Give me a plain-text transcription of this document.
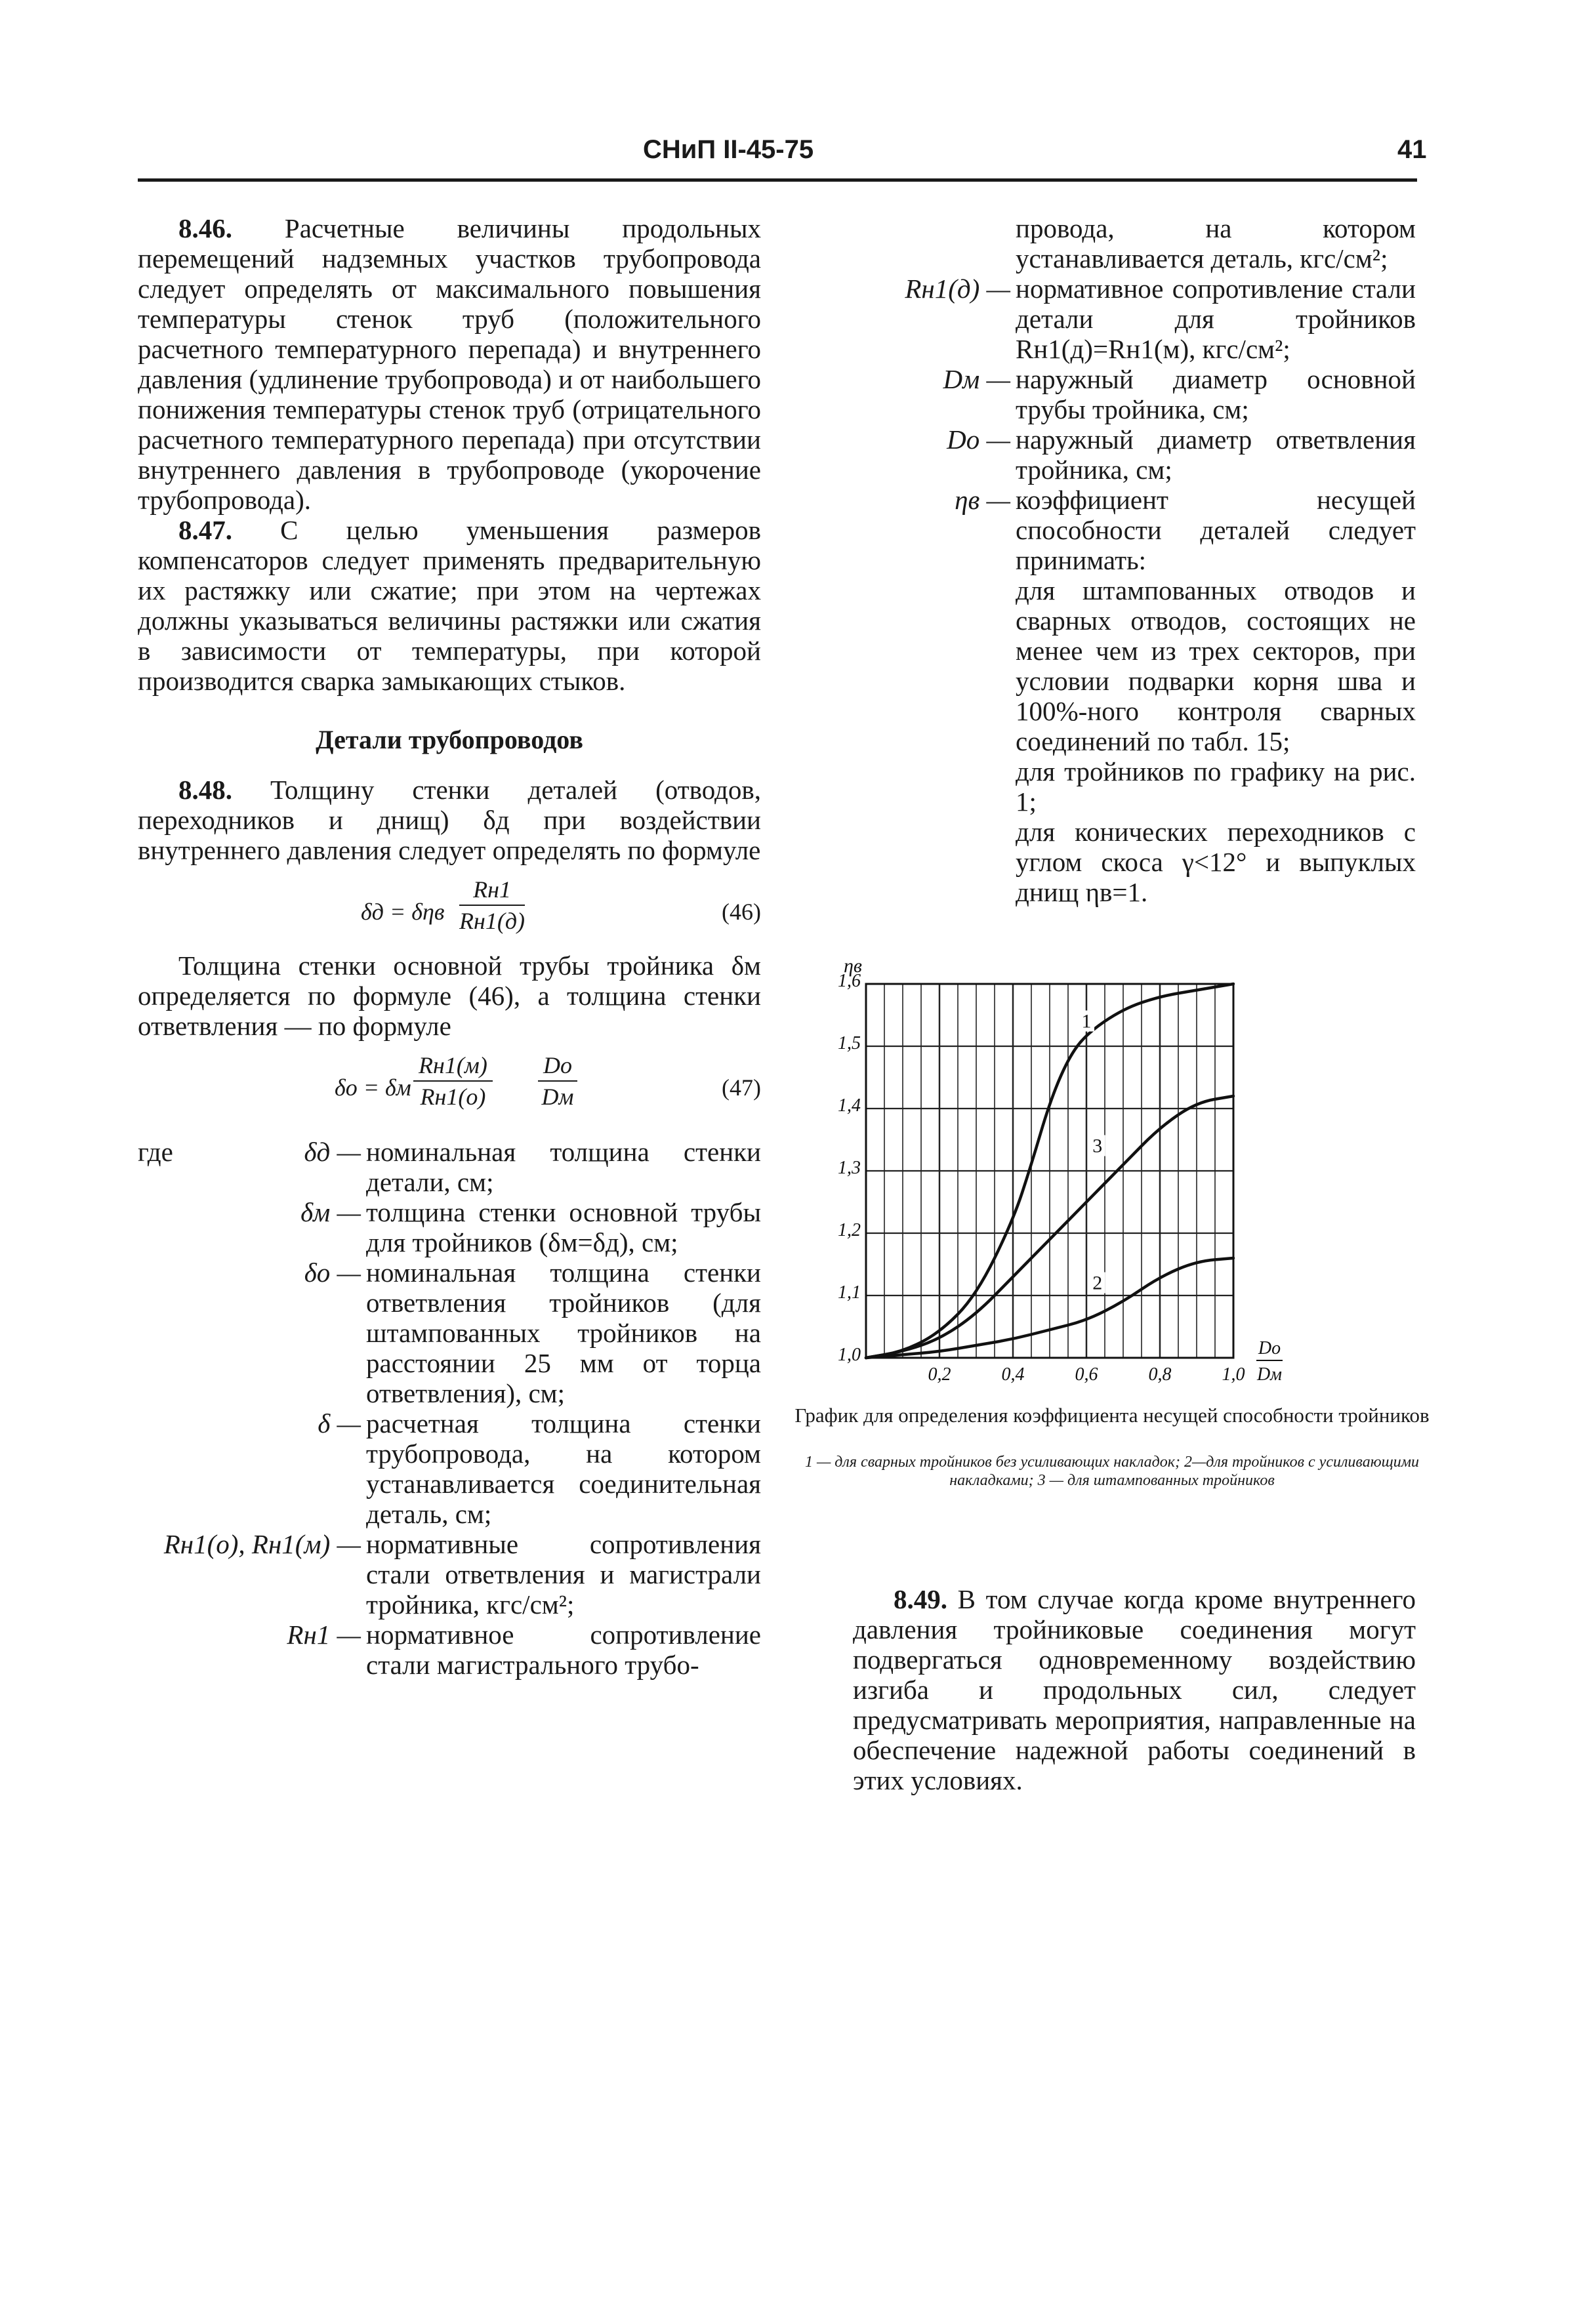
СНиП II-45-75	41

8.46. Расчетные величины продольных перемещений надземных участков трубопровода следует определять от максимального повышения температуры стенок труб (положительного расчетного температурного перепада) и внутреннего давления (удлинение трубопровода) и от наибольшего понижения температуры стенок труб (отрицательного расчетного температурного перепада) при отсутствии внутреннего давления в трубопроводе (укорочение трубопровода).

8.47. С целью уменьшения размеров компенсаторов следует применять предварительную их растяжку или сжатие; при этом на чертежах должны указываться величины растяжки или сжатия в зависимости от температуры, при которой производится сварка замыкающих стыков.

Детали трубопроводов

8.48. Толщину стенки деталей (отводов, переходников и днищ) δд при воздействии внутреннего давления следует определять по формуле

δд = δηв
Rн1
Rн1(д)	(46)

Толщина стенки основной трубы тройника δм определяется по формуле (46), а толщина стенки ответвления — по формуле

δо = δм
Rн1(м)
Rн1(о)
Dо
Dм	(47)
где	δд — номинальная толщина стенки детали, см;
δм — толщина стенки основной трубы для тройников (δм=δд), см;
δо — номинальная толщина стенки ответвления тройников (для штампованных тройников на расстоянии 25 мм от торца ответвления), см;
δ — расчетная толщина стенки трубопровода, на котором устанавливается соединительная деталь, см;
Rн1(о), Rн1(м) — нормативные сопротивления стали ответвления и магистрали тройника, кгс/см²;
Rн1 — нормативное сопротивление стали магистрального трубо-
провода, на котором устанавливается деталь, кгс/см²;
Rн1(д) — нормативное сопротивление стали детали для тройников Rн1(д)=Rн1(м), кгс/см²;
Dм — наружный диаметр основной трубы тройника, см;
Dо — наружный диаметр ответвления тройника, см;
ηв — коэффициент несущей способности деталей следует принимать:
для штампованных отводов и сварных отводов, состоящих не менее чем из трех секторов, при условии подварки корня шва и 100%-ного контроля сварных соединений по табл. 15;
для тройников по графику на рис. 1;
для конических переходников с углом скоса γ<12° и выпуклых днищ ηв=1.
1,0
1,1
1,2
1,3
1,4
1,5
1,6
0,2	0,4	0,6	0,8	1,0
ηв
Dо
Dм
1
2
3
График для определения коэффициента несущей способности тройников
1 — для сварных тройников без усиливающих накладок; 2—для тройников с усиливающими накладками; 3 — для штампованных тройников

8.49. В том случае когда кроме внутреннего давления тройниковые соединения могут подвергаться одновременному воздействию изгиба и продольных сил, следует предусматривать мероприятия, направленные на обеспечение надежной работы соединений в этих условиях.
